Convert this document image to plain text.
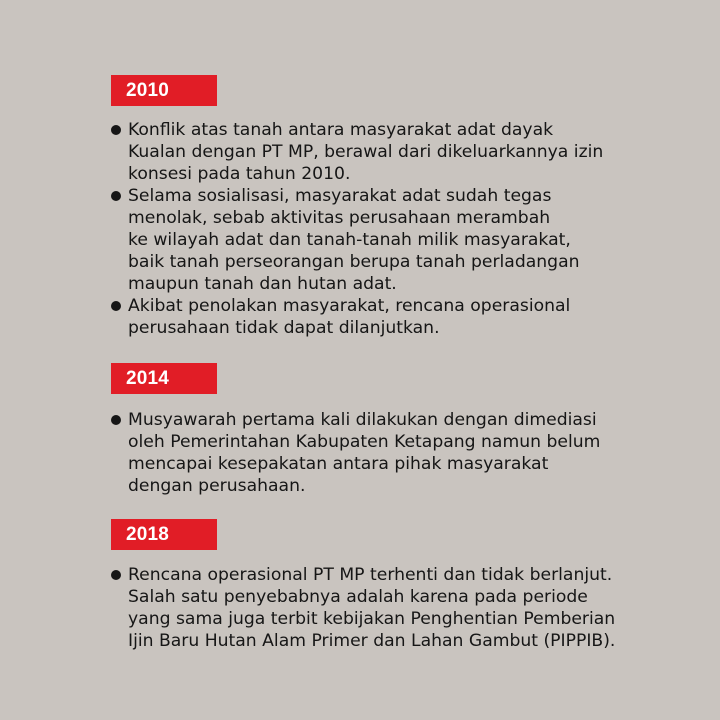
2010
Konflik atas tanah antara masyarakat adat dayak
Kualan dengan PT MP, berawal dari dikeluarkannya izin
konsesi pada tahun 2010.
Selama sosialisasi, masyarakat adat sudah tegas
menolak, sebab aktivitas perusahaan merambah
ke wilayah adat dan tanah-tanah milik masyarakat,
baik tanah perseorangan berupa tanah perladangan
maupun tanah dan hutan adat.
Akibat penolakan masyarakat, rencana operasional
perusahaan tidak dapat dilanjutkan.
2014
Musyawarah pertama kali dilakukan dengan dimediasi
oleh Pemerintahan Kabupaten Ketapang namun belum
mencapai kesepakatan antara pihak masyarakat
dengan perusahaan.
2018
Rencana operasional PT MP terhenti dan tidak berlanjut.
Salah satu penyebabnya adalah karena pada periode
yang sama juga terbit kebijakan Penghentian Pemberian
Ijin Baru Hutan Alam Primer dan Lahan Gambut (PIPPIB).
